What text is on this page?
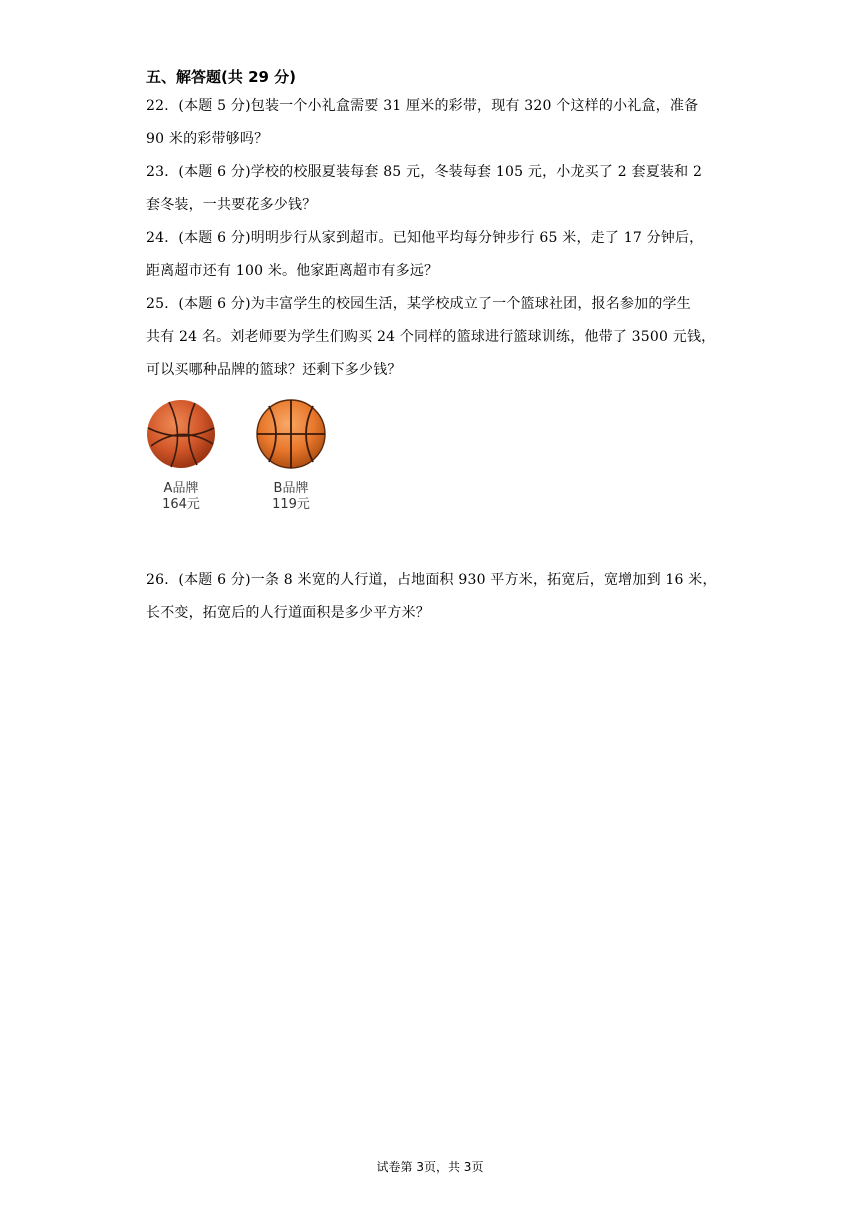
五、解答题(共 29 分)
22．(本题 5 分)包装一个小礼盒需要 31 厘米的彩带，现有 320 个这样的小礼盒，准备
90 米的彩带够吗？
23．(本题 6 分)学校的校服夏装每套 85 元，冬装每套 105 元，小龙买了 2 套夏装和 2
套冬装，一共要花多少钱？
24．(本题 6 分)明明步行从家到超市。已知他平均每分钟步行 65 米，走了 17 分钟后，
距离超市还有 100 米。他家距离超市有多远？
25．(本题 6 分)为丰富学生的校园生活，某学校成立了一个篮球社团，报名参加的学生
共有 24 名。刘老师要为学生们购买 24 个同样的篮球进行篮球训练，他带了 3500 元钱，
可以买哪种品牌的篮球？还剩下多少钱？
A品牌
164元
B品牌
119元
26．(本题 6 分)一条 8 米宽的人行道，占地面积 930 平方米，拓宽后，宽增加到 16 米，
长不变，拓宽后的人行道面积是多少平方米？
试卷第 3页，共 3页
